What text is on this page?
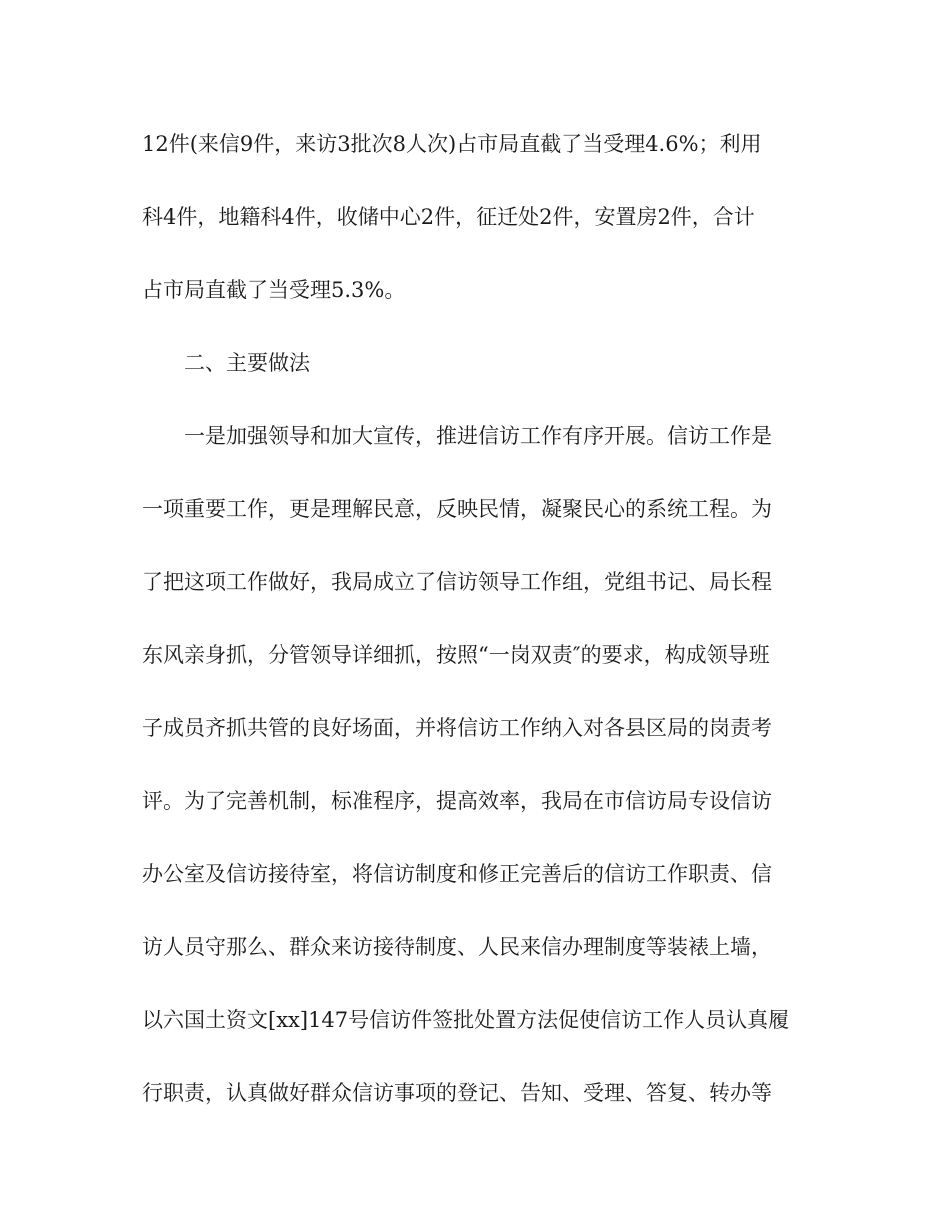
12件(来信9件，来访3批次8人次)占市局直截了当受理4.6%；利用
科4件，地籍科4件，收储中心2件，征迁处2件，安置房2件，合计
占市局直截了当受理5.3%。
二、主要做法
一是加强领导和加大宣传，推进信访工作有序开展。信访工作是
一项重要工作，更是理解民意，反映民情，凝聚民心的系统工程。为
了把这项工作做好，我局成立了信访领导工作组，党组书记、局长程
东风亲身抓，分管领导详细抓，按照“一岗双责″的要求，构成领导班
子成员齐抓共管的良好场面，并将信访工作纳入对各县区局的岗责考
评。为了完善机制，标准程序，提高效率，我局在市信访局专设信访
办公室及信访接待室，将信访制度和修正完善后的信访工作职责、信
访人员守那么、群众来访接待制度、人民来信办理制度等装裱上墙，
以六国土资文[xx]147号信访件签批处置方法促使信访工作人员认真履
行职责，认真做好群众信访事项的登记、告知、受理、答复、转办等
